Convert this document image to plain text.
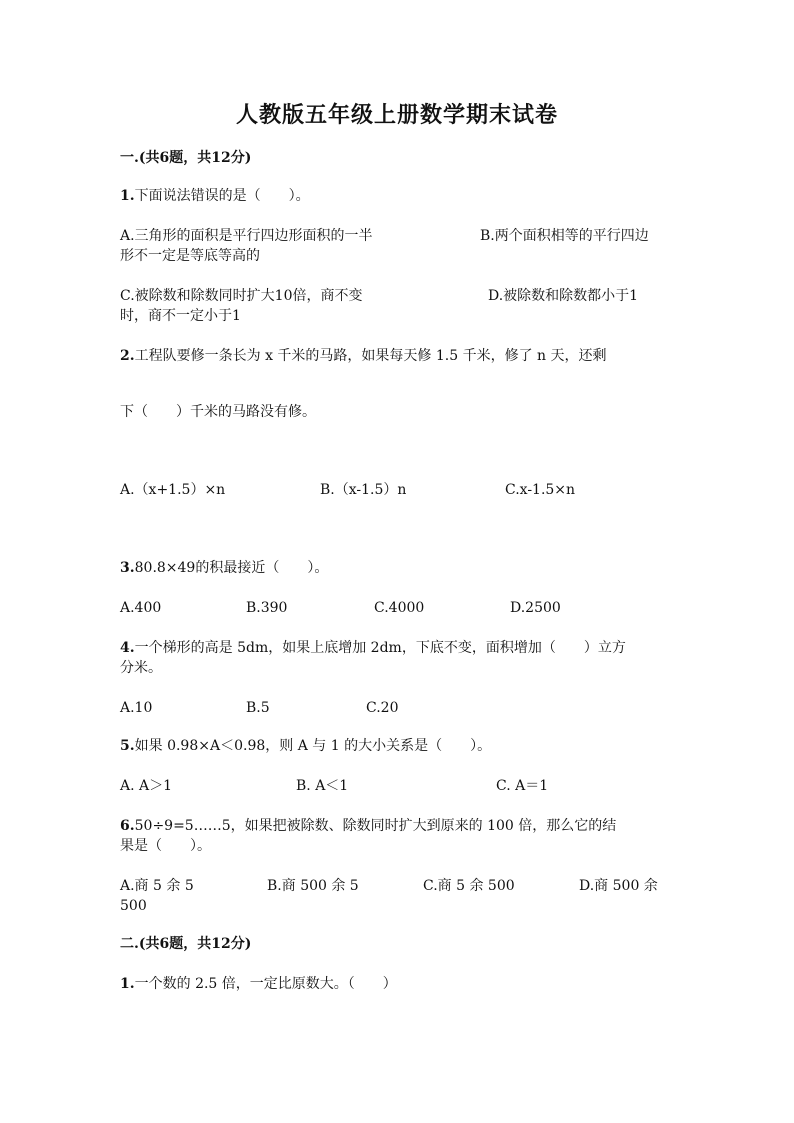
人教版五年级上册数学期末试卷
一.(共6题，共12分)
1.下面说法错误的是（　　）。
A.三角形的面积是平行四边形面积的一半	B.两个面积相等的平行四边
形不一定是等底等高的
C.被除数和除数同时扩大10倍，商不变	D.被除数和除数都小于1
时，商不一定小于1
2.工程队要修一条长为 x 千米的马路，如果每天修 1.5 千米，修了 n 天，还剩
下（　　）千米的马路没有修。
A.（x+1.5）×n	B.（x-1.5）n	C.x-1.5×n
3.80.8×49的积最接近（　　）。
A.400	B.390	C.4000	D.2500
4.一个梯形的高是 5dm，如果上底增加 2dm，下底不变，面积增加（　　）立方
分米。
A.10	B.5	C.20
5.如果 0.98×A＜0.98，则 A 与 1 的大小关系是（　　）。
A. A＞1	B. A＜1	C. A＝1
6.50÷9=5……5，如果把被除数、除数同时扩大到原来的 100 倍，那么它的结
果是（　　）。
A.商 5 余 5	B.商 500 余 5	C.商 5 余 500	D.商 500 余
500
二.(共6题，共12分)
1.一个数的 2.5 倍，一定比原数大。（　　）
